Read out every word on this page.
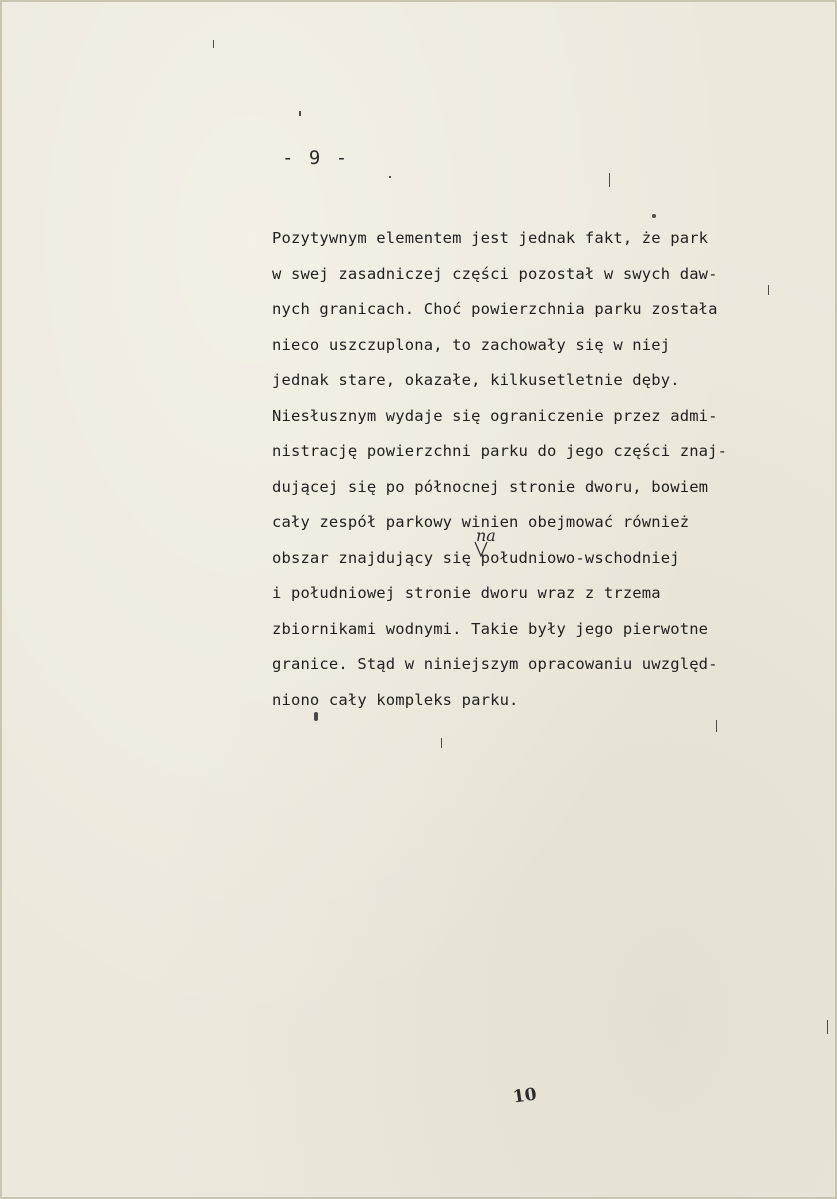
- 9 -
Pozytywnym elementem jest jednak fakt, że park
w swej zasadniczej części pozostał w swych daw-
nych granicach. Choć powierzchnia parku została
nieco uszczuplona, to zachowały się w niej
jednak stare, okazałe, kilkusetletnie dęby.
Niesłusznym wydaje się ograniczenie przez admi-
nistrację powierzchni parku do jego części znaj-
dującej się po północnej stronie dworu, bowiem
cały zespół parkowy winien obejmować również
obszar znajdujący się południowo-wschodniej
i południowej stronie dworu wraz z trzema
zbiornikami wodnymi. Takie były jego pierwotne
granice. Stąd w niniejszym opracowaniu uwzględ-
niono cały kompleks parku.
na
10
